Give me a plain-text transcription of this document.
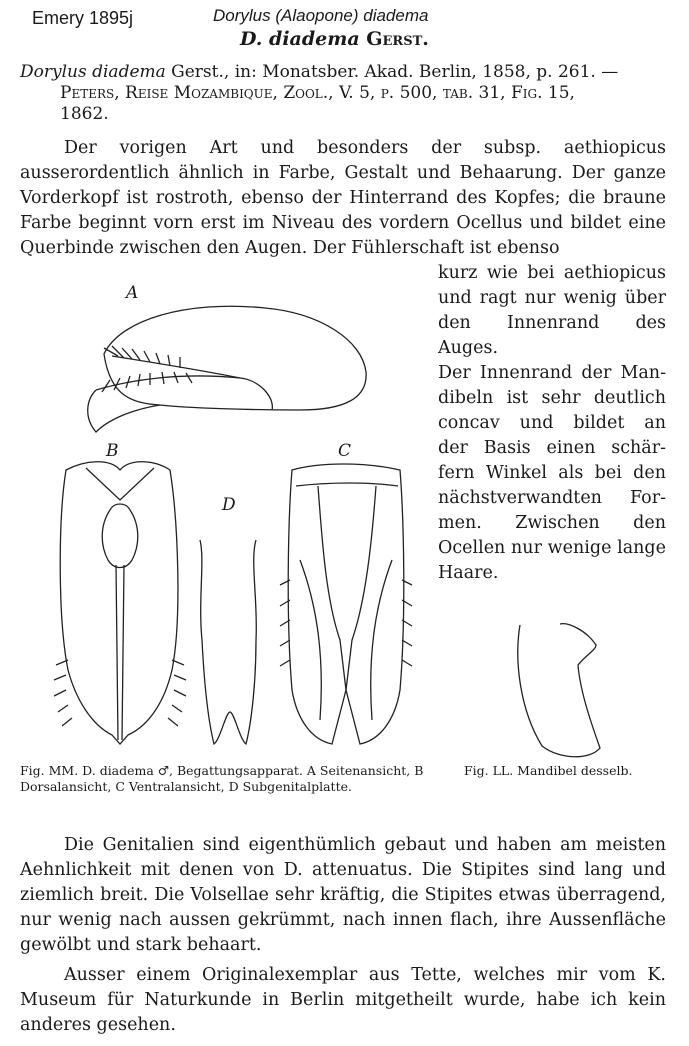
Emery 1895j	Dorylus (Alaopone) diadema
D. diadema Gerst.
Dorylus diadema Gerst., in: Monatsber. Akad. Berlin, 1858, p. 261. —
Peters, Reise Mozambique, Zool., V. 5, p. 500, tab. 31, Fig. 15,
1862.
Der vorigen Art und besonders der subsp. aethiopicus ausserordentlich ähnlich in Farbe, Gestalt und Behaarung. Der ganze Vorderkopf ist rostroth, ebenso der Hinterrand des Kopfes; die braune Farbe beginnt vorn erst im Niveau des vordern Ocellus und bildet eine Querbinde zwischen den Augen. Der Fühlerschaft ist ebenso
kurz wie bei aethiopicus
und ragt nur wenig über
den Innenrand des Auges.
Der Innenrand der Man-
dibeln ist sehr deutlich
concav und bildet an
der Basis einen schär-
fern Winkel als bei den
nächstverwandten For-
men. Zwischen den
Ocellen nur wenige lange
Haare.
A
B	C
D
Fig. MM. D. diadema ♂, Begattungsapparat. A Seitenansicht, B Dorsalansicht, C Ventralansicht, D Subgenitalplatte.
Fig. LL. Mandibel desselb.
Die Genitalien sind eigenthümlich gebaut und haben am meisten Aehnlichkeit mit denen von D. attenuatus. Die Stipites sind lang und ziemlich breit. Die Volsellae sehr kräftig, die Stipites etwas überragend, nur wenig nach aussen gekrümmt, nach innen flach, ihre Aussenfläche gewölbt und stark behaart.
Ausser einem Originalexemplar aus Tette, welches mir vom K. Museum für Naturkunde in Berlin mitgetheilt wurde, habe ich kein anderes gesehen.
